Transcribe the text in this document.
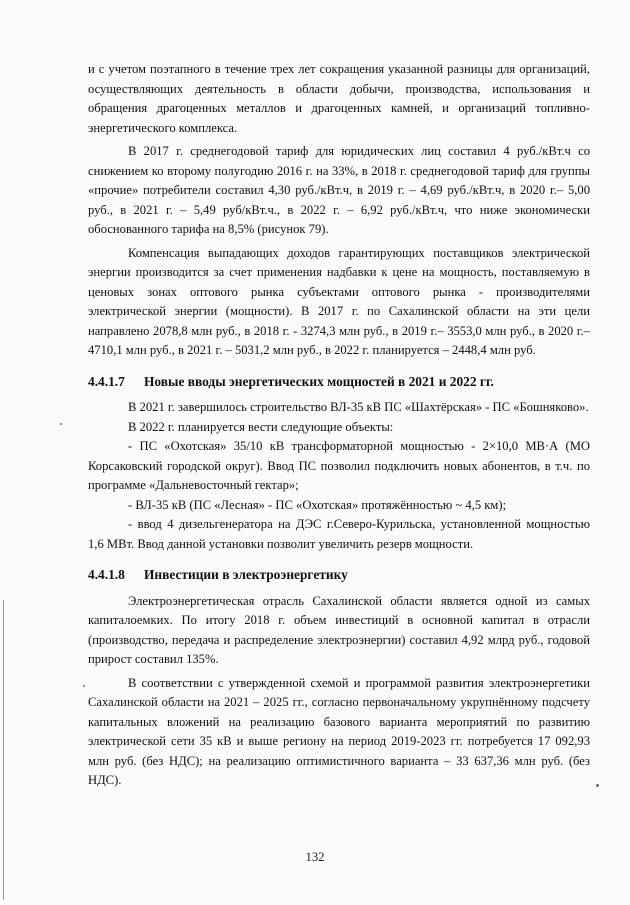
и с учетом поэтапного в течение трех лет сокращения указанной разницы для организаций, осуществляющих деятельность в области добычи, производства, использования и обращения драгоценных металлов и драгоценных камней, и организаций топливно-энергетического комплекса.

В 2017 г. среднегодовой тариф для юридических лиц составил 4 руб./кВт.ч со снижением ко второму полугодию 2016 г. на 33%, в 2018 г. среднегодовой тариф для группы «прочие» потребители составил 4,30 руб./кВт.ч, в 2019 г. – 4,69 руб./кВт.ч, в 2020 г.– 5,00 руб., в 2021 г. – 5,49 руб/кВт.ч., в 2022 г. – 6,92 руб./кВт.ч, что ниже экономически обоснованного тарифа на 8,5% (рисунок 79).

Компенсация выпадающих доходов гарантирующих поставщиков электрической энергии производится за счет применения надбавки к цене на мощность, поставляемую в ценовых зонах оптового рынка субъектами оптового рынка - производителями электрической энергии (мощности). В 2017 г. по Сахалинской области на эти цели направлено 2078,8 млн руб., в 2018 г. - 3274,3 млн руб., в 2019 г.– 3553,0 млн руб., в 2020 г.– 4710,1 млн руб., в 2021 г. – 5031,2 млн руб., в 2022 г. планируется – 2448,4 млн руб.

4.4.1.7	Новые вводы энергетических мощностей в 2021 и 2022 гг.

В 2021 г. завершилось строительство ВЛ-35 кВ ПС «Шахтёрская» - ПС «Бошняково».

В 2022 г. планируется вести следующие объекты:

- ПС «Охотская» 35/10 кВ трансформаторной мощностью - 2×10,0 МВ·А (МО Корсаковский городской округ). Ввод ПС позволил подключить новых абонентов, в т.ч. по программе «Дальневосточный гектар»;

- ВЛ-35 кВ (ПС «Лесная» - ПС «Охотская» протяжённостью ~ 4,5 км);

- ввод 4 дизельгенератора на ДЭС г.Северо-Курильска, установленной мощностью 1,6 МВт. Ввод данной установки позволит увеличить резерв мощности.

4.4.1.8	Инвестиции в электроэнергетику

Электроэнергетическая отрасль Сахалинской области является одной из самых капиталоемких. По итогу 2018 г. объем инвестиций в основной капитал в отрасли (производство, передача и распределение электроэнергии) составил 4,92 млрд руб., годовой прирост составил 135%.

В соответствии с утвержденной схемой и программой развития электроэнергетики Сахалинской области на 2021 – 2025 гг., согласно первоначальному укрупнённому подсчету капитальных вложений на реализацию базового варианта мероприятий по развитию электрической сети 35 кВ и выше региону на период 2019-2023 гг. потребуется 17 092,93 млн руб. (без НДС); на реализацию оптимистичного варианта – 33 637,36 млн руб. (без НДС).

132
